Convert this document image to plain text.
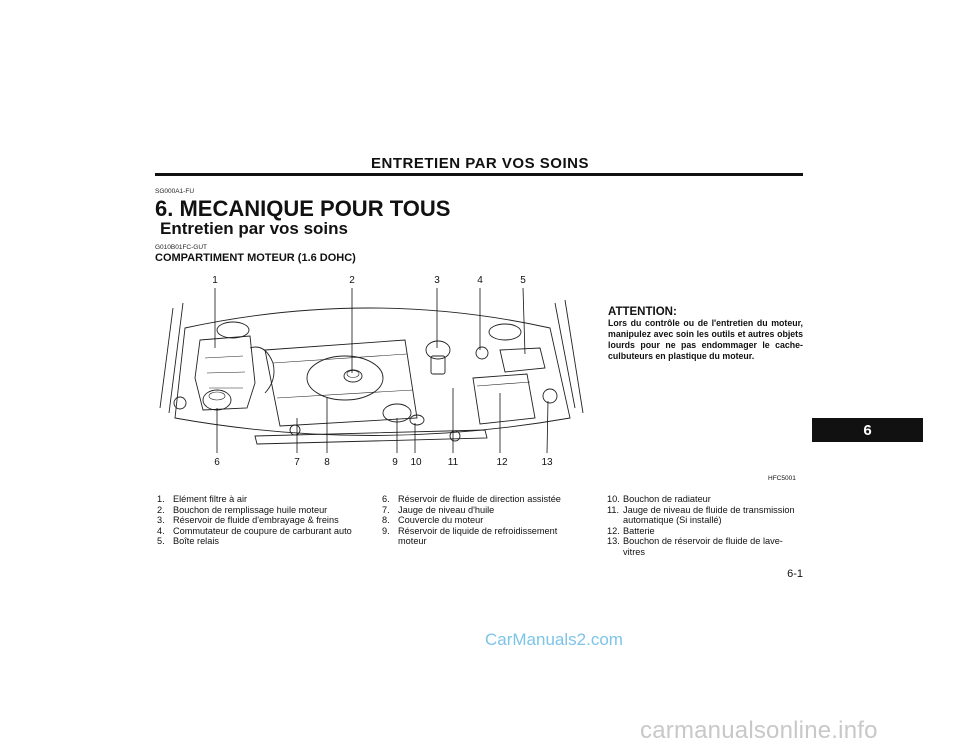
ENTRETIEN PAR VOS SOINS
SG000A1-FU
6. MECANIQUE POUR TOUS
Entretien par vos soins
G010B01FC-GUT
COMPARTIMENT MOTEUR (1.6 DOHC)
1	2	3	4	5
6	7 8	9 10	11	12	13
HFC5001
ATTENTION:
Lors du contrôle ou de l'entretien du moteur, manipulez avec soin les outils et autres objets lourds pour ne pas endommager le cache-culbuteurs en plastique du moteur.
1. Elément filtre à air
2. Bouchon de remplissage huile moteur
3. Réservoir de fluide d'embrayage & freins
4. Commutateur de coupure de carburant auto
5. Boîte relais
6. Réservoir de fluide de direction assistée
7. Jauge de niveau d'huile
8. Couvercle du moteur
9. Réservoir de liquide de refroidissement moteur
10. Bouchon de radiateur
11. Jauge de niveau de fluide de transmission automatique (Si installé)
12. Batterie
13. Bouchon de réservoir de fluide de lave-vitres
6
6-1
CarManuals2.com
carmanualsonline.info
